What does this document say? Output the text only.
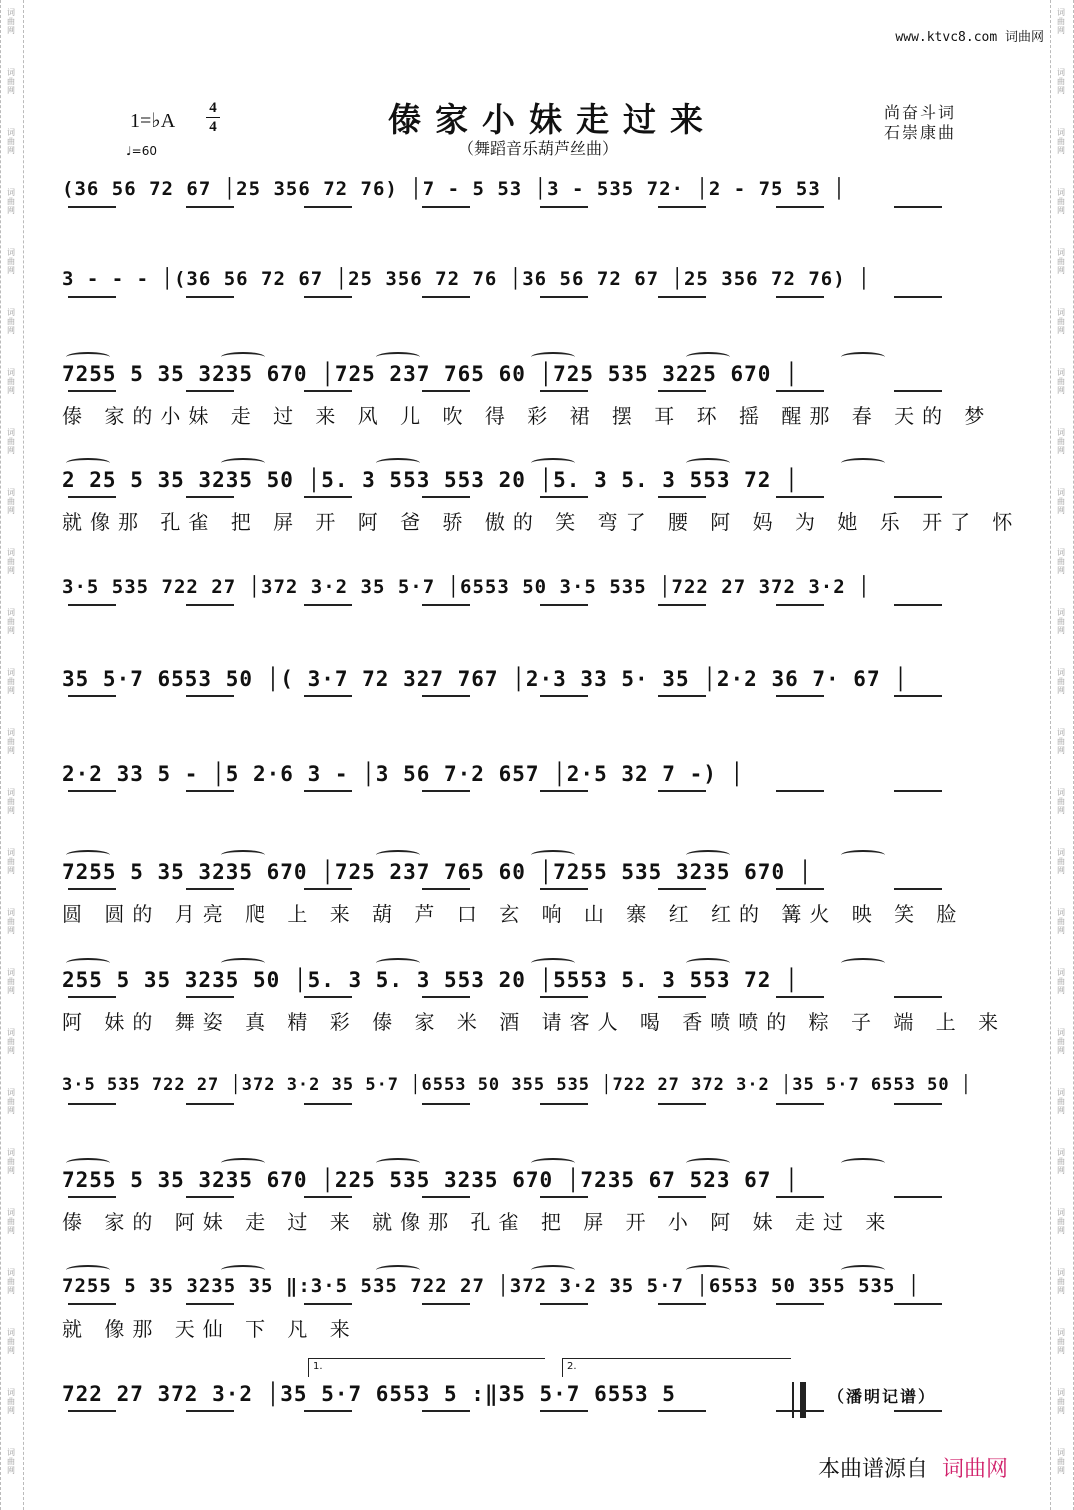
词曲网
词曲网
词曲网
词曲网
词曲网
词曲网
词曲网
词曲网
词曲网
词曲网
词曲网
词曲网
词曲网
词曲网
词曲网
词曲网
词曲网
词曲网
词曲网
词曲网
词曲网
词曲网
词曲网
词曲网
词曲网
词曲网
词曲网
词曲网
词曲网
词曲网
词曲网
词曲网
词曲网
词曲网
词曲网
词曲网
词曲网
词曲网
词曲网
词曲网
词曲网
词曲网
词曲网
词曲网
词曲网
词曲网
词曲网
词曲网
词曲网
词曲网
www.ktvc8.com 词曲网
1=♭A
4
4
♩=60
傣家小妹走过来
（舞蹈音乐葫芦丝曲）
尚奋斗词
石崇康曲
(36 56 72 67 │25 356 72 76) │7 - 5 53 │3 - 535 72· │2 - 75 53 │
3 - - - │(36 56 72 67 │25 356 72 76 │36 56 72 67 │25 356 72 76) │
7255 5 35 3235 670 │725 237 765 60 │725 535 3225 670 │
傣 家的小妹 走 过 来 风 儿 吹 得 彩 裙 摆 耳 环 摇 醒那 春 天的 梦
2 25 5 35 3235 50 │5. 3 553 553 20 │5. 3 5. 3 553 72 │
就像那 孔雀 把 屏 开 阿 爸 骄 傲的 笑 弯了 腰 阿 妈 为 她 乐 开了 怀
3·5 535 722 27 │372 3·2 35 5·7 │6553 50 3·5 535 │722 27 372 3·2 │
35 5·7 6553 50 │( 3·7 72 327 767 │2·3 33 5· 35 │2·2 36 7· 67 │
2·2 33 5 - │5 2·6 3 - │3 56 7·2 657 │2·5 32 7 -) │
7255 5 35 3235 670 │725 237 765 60 │7255 535 3235 670 │
圆 圆的 月亮 爬 上 来 葫 芦 口 玄 响 山 寨 红 红的 篝火 映 笑 脸
255 5 35 3235 50 │5. 3 5. 3 553 20 │5553 5. 3 553 72 │
阿 妹的 舞姿 真 精 彩 傣 家 米 酒 请客人 喝 香喷喷的 粽 子 端 上 来
3·5 535 722 27 │372 3·2 35 5·7 │6553 50 355 535 │722 27 372 3·2 │35 5·7 6553 50 │
7255 5 35 3235 670 │225 535 3235 670 │7235 67 523 67 │
傣 家的 阿妹 走 过 来 就像那 孔雀 把 屏 开 小 阿 妹 走过 来
7255 5 35 3235 35 ‖:3·5 535 722 27 │372 3·2 35 5·7 │6553 50 355 535 │
就 像那 天仙 下 凡 来
722 27 372 3·2 │35 5·7 6553 5 :‖35 5·7 6553 5
1.	2.
（潘明记谱）
本曲谱源自 词曲网
